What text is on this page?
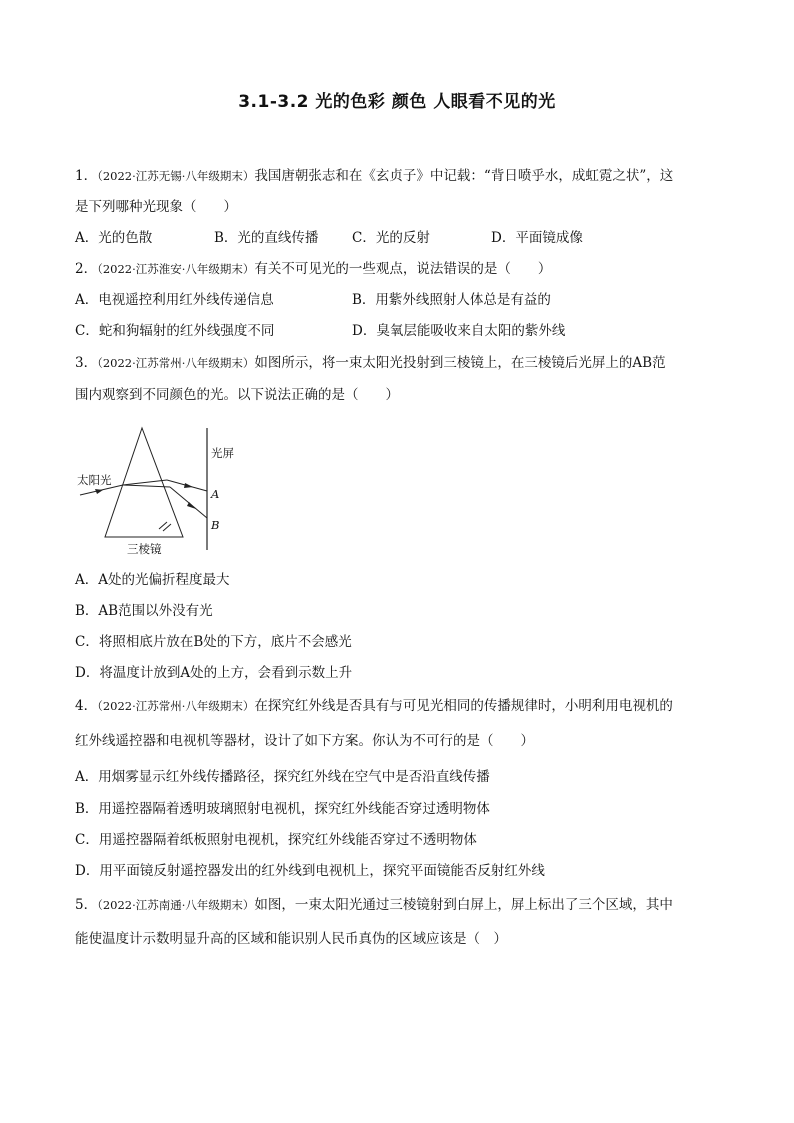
3.1-3.2 光的色彩 颜色 人眼看不见的光
1．（2022·江苏无锡·八年级期末）我国唐朝张志和在《玄贞子》中记载：“背日喷乎水，成虹霓之状”，这
是下列哪种光现象（　　）
A．光的色散	B．光的直线传播 C．光的反射	D．平面镜成像
2．（2022·江苏淮安·八年级期末）有关不可见光的一些观点，说法错误的是（　　）
A．电视遥控利用红外线传递信息	B．用紫外线照射人体总是有益的
C．蛇和狗辐射的红外线强度不同	D．臭氧层能吸收来自太阳的紫外线
3．（2022·江苏常州·八年级期末）如图所示，将一束太阳光投射到三棱镜上，在三棱镜后光屏上的AB范
围内观察到不同颜色的光。以下说法正确的是（　　）
太阳光
光屏
A
B
三棱镜
A．A处的光偏折程度最大
B．AB范围以外没有光
C．将照相底片放在B处的下方，底片不会感光
D．将温度计放到A处的上方，会看到示数上升
4．（2022·江苏常州·八年级期末）在探究红外线是否具有与可见光相同的传播规律时，小明利用电视机的
红外线遥控器和电视机等器材，设计了如下方案。你认为不可行的是（　　）
A．用烟雾显示红外线传播路径，探究红外线在空气中是否沿直线传播
B．用遥控器隔着透明玻璃照射电视机，探究红外线能否穿过透明物体
C．用遥控器隔着纸板照射电视机，探究红外线能否穿过不透明物体
D．用平面镜反射遥控器发出的红外线到电视机上，探究平面镜能否反射红外线
5．（2022·江苏南通·八年级期末）如图，一束太阳光通过三棱镜射到白屏上，屏上标出了三个区域，其中
能使温度计示数明显升高的区域和能识别人民币真伪的区域应该是（　）
